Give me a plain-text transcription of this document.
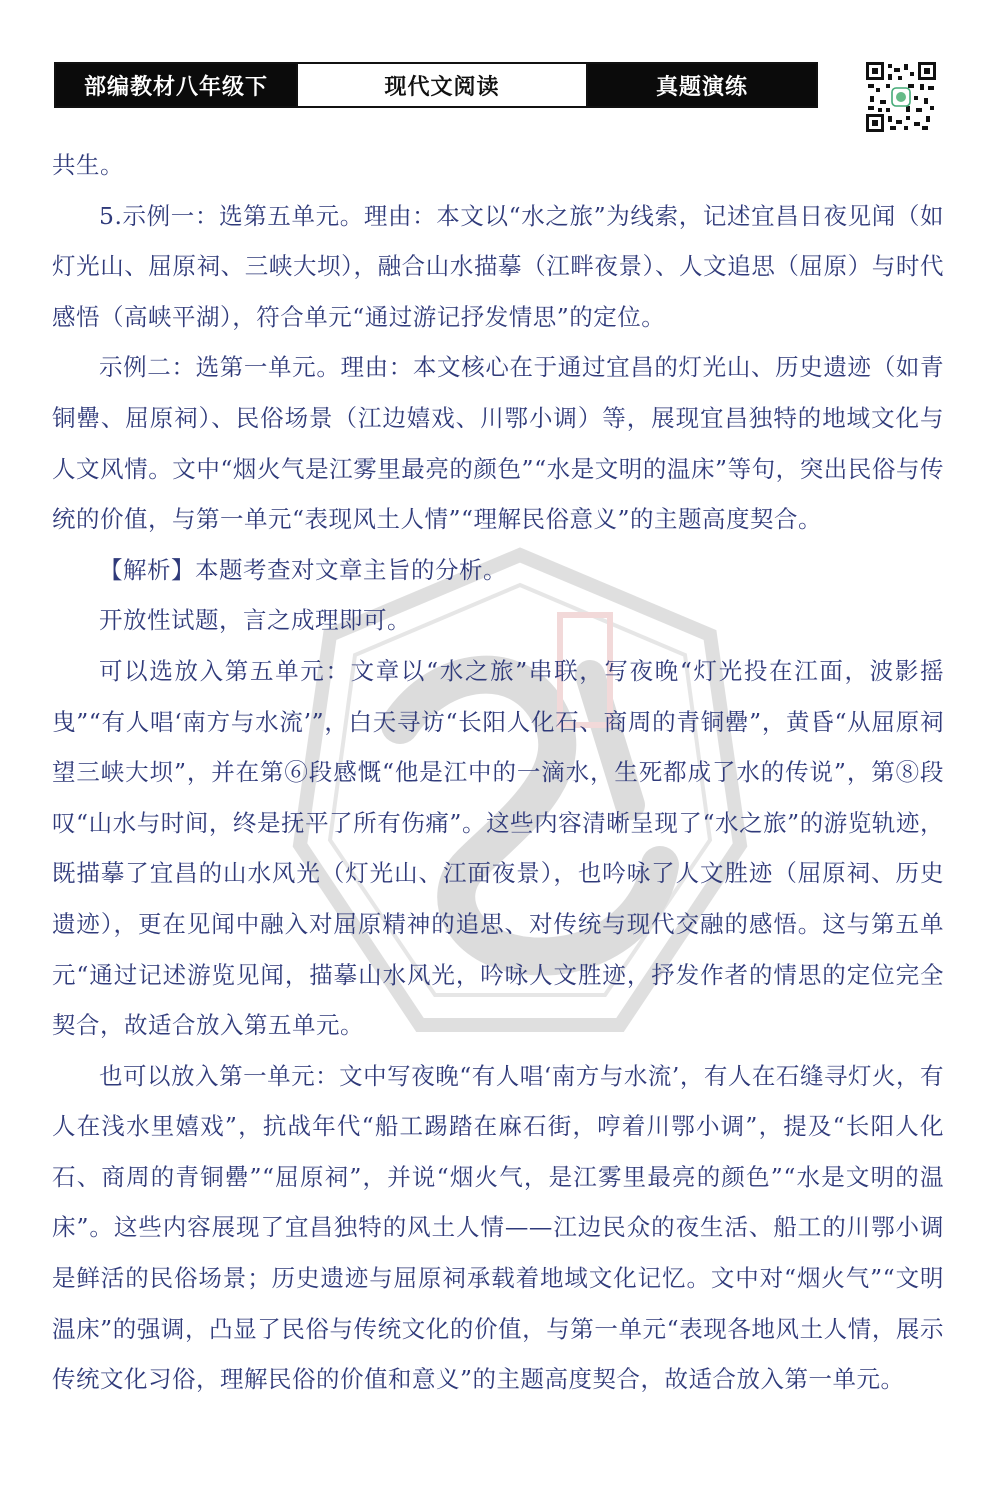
部编教材八年级下	现代文阅读	真题演练

共生。

5.示例一：选第五单元。理由：本文以“水之旅”为线索，记述宜昌日夜见闻（如灯光山、屈原祠、三峡大坝），融合山水描摹（江畔夜景）、人文追思（屈原）与时代感悟（高峡平湖），符合单元“通过游记抒发情思”的定位。

示例二：选第一单元。理由：本文核心在于通过宜昌的灯光山、历史遗迹（如青铜罍、屈原祠）、民俗场景（江边嬉戏、川鄂小调）等，展现宜昌独特的地域文化与人文风情。文中“烟火气是江雾里最亮的颜色”“水是文明的温床”等句，突出民俗与传统的价值，与第一单元“表现风土人情”“理解民俗意义”的主题高度契合。

【解析】本题考查对文章主旨的分析。

开放性试题，言之成理即可。

可以选放入第五单元：文章以“水之旅”串联，写夜晚“灯光投在江面，波影摇曳”“有人唱‘南方与水流’”，白天寻访“长阳人化石、商周的青铜罍”，黄昏“从屈原祠望三峡大坝”，并在第⑥段感慨“他是江中的一滴水，生死都成了水的传说”，第⑧段叹“山水与时间，终是抚平了所有伤痛”。这些内容清晰呈现了“水之旅”的游览轨迹，既描摹了宜昌的山水风光（灯光山、江面夜景），也吟咏了人文胜迹（屈原祠、历史遗迹），更在见闻中融入对屈原精神的追思、对传统与现代交融的感悟。这与第五单元“通过记述游览见闻，描摹山水风光，吟咏人文胜迹，抒发作者的情思的定位完全契合，故适合放入第五单元。

也可以放入第一单元：文中写夜晚“有人唱‘南方与水流’，有人在石缝寻灯火，有人在浅水里嬉戏”，抗战年代“船工踢踏在麻石街，哼着川鄂小调”，提及“长阳人化石、商周的青铜罍”“屈原祠”，并说“烟火气，是江雾里最亮的颜色”“水是文明的温床”。这些内容展现了宜昌独特的风土人情——江边民众的夜生活、船工的川鄂小调是鲜活的民俗场景；历史遗迹与屈原祠承载着地域文化记忆。文中对“烟火气”“文明温床”的强调，凸显了民俗与传统文化的价值，与第一单元“表现各地风土人情，展示传统文化习俗，理解民俗的价值和意义”的主题高度契合，故适合放入第一单元。
